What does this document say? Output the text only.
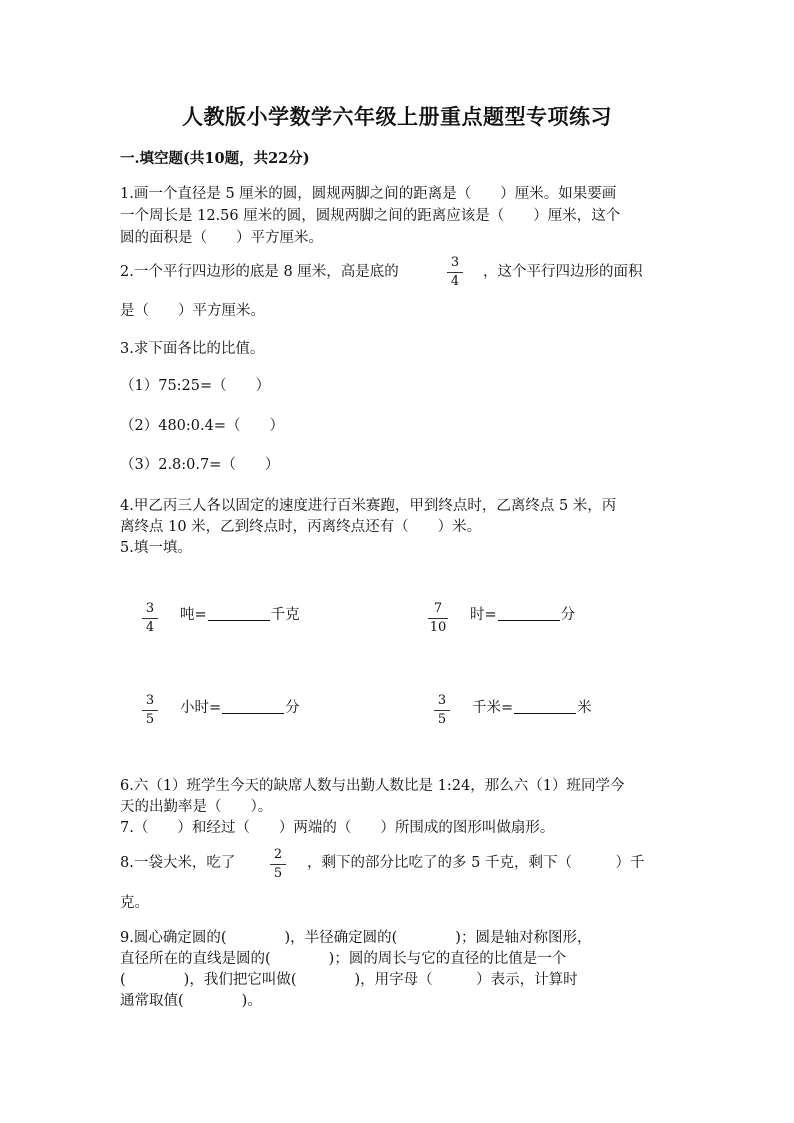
人教版小学数学六年级上册重点题型专项练习
一.填空题(共10题，共22分)
1.画一个直径是 5 厘米的圆，圆规两脚之间的距离是（　　）厘米。如果要画
一个周长是 12.56 厘米的圆，圆规两脚之间的距离应该是（　　）厘米，这个
圆的面积是（　　）平方厘米。
2.一个平行四边形的底是 8 厘米，高是底的
3
4
，这个平行四边形的面积
是（　　）平方厘米。
3.求下面各比的比值。
（1）75:25=（　　）
（2）480:0.4=（　　）
（3）2.8:0.7=（　　）
4.甲乙丙三人各以固定的速度进行百米赛跑，甲到终点时，乙离终点 5 米，丙
离终点 10 米，乙到终点时，丙离终点还有（　　）米。
5.填一填。
3
4
吨=	千克	7
10
时=	分
3
5
小时=	分	3
5
千米=	米
6.六（1）班学生今天的缺席人数与出勤人数比是 1:24，那么六（1）班同学今
天的出勤率是（　　）。
7.（　　）和经过（　　）两端的（　　）所围成的图形叫做扇形。
8.一袋大米，吃了
2
5
，剩下的部分比吃了的多 5 千克，剩下（　　　）千
克。
9.圆心确定圆的(　　　　)，半径确定圆的(　　　　)；圆是轴对称图形，
直径所在的直线是圆的(　　　　)；圆的周长与它的直径的比值是一个
(　　　　)，我们把它叫做(　　　　)，用字母（　　　）表示，计算时
通常取值(　　　　)。
